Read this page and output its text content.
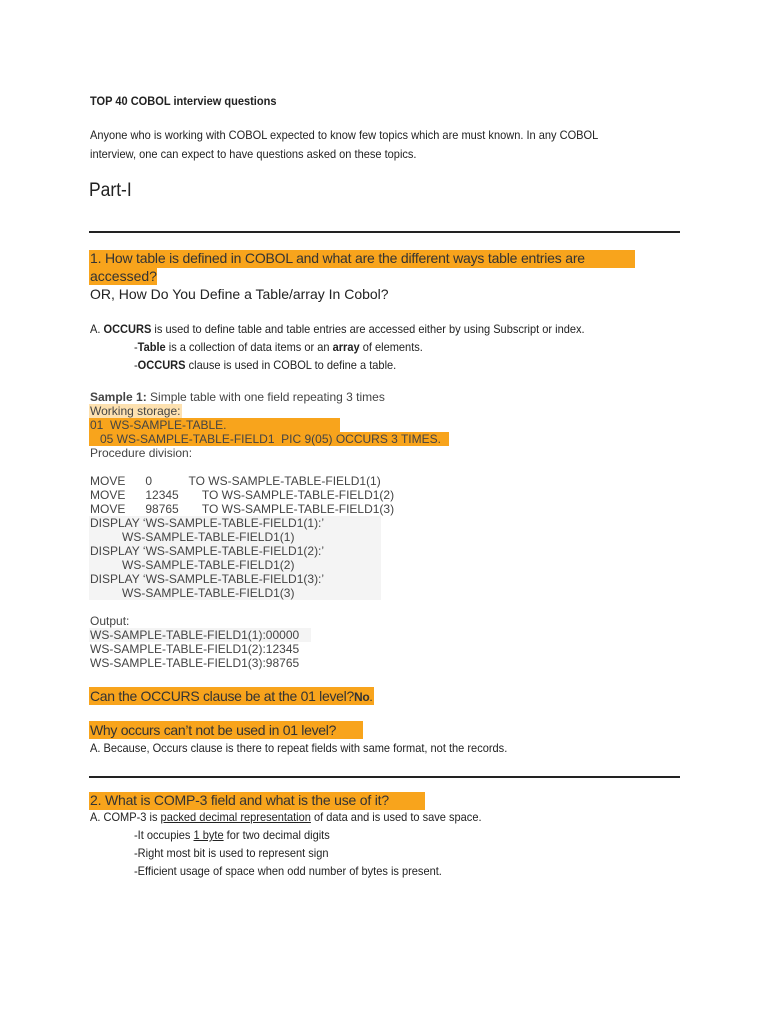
TOP 40 COBOL interview questions
Anyone who is working with COBOL expected to know few topics which are must known. In any COBOL
interview, one can expect to have questions asked on these topics.
Part-I
1. How table is defined in COBOL and what are the different ways table entries are
accessed?
OR, How Do You Define a Table/array In Cobol?
A. OCCURS is used to define table and table entries are accessed either by using Subscript or index.
-Table is a collection of data items or an array of elements.
-OCCURS clause is used in COBOL to define a table.
Sample 1: Simple table with one field repeating 3 times
Working storage:
01  WS-SAMPLE-TABLE.
05 WS-SAMPLE-TABLE-FIELD1  PIC 9(05) OCCURS 3 TIMES.
Procedure division:
MOVE      0           TO WS-SAMPLE-TABLE-FIELD1(1)
MOVE      12345       TO WS-SAMPLE-TABLE-FIELD1(2)
MOVE      98765       TO WS-SAMPLE-TABLE-FIELD1(3)
DISPLAY ‘WS-SAMPLE-TABLE-FIELD1(1):’
WS-SAMPLE-TABLE-FIELD1(1)
DISPLAY ‘WS-SAMPLE-TABLE-FIELD1(2):’
WS-SAMPLE-TABLE-FIELD1(2)
DISPLAY ‘WS-SAMPLE-TABLE-FIELD1(3):’
WS-SAMPLE-TABLE-FIELD1(3)
Output:
WS-SAMPLE-TABLE-FIELD1(1):00000
WS-SAMPLE-TABLE-FIELD1(2):12345
WS-SAMPLE-TABLE-FIELD1(3):98765
Can the OCCURS clause be at the 01 level?No.
Why occurs can’t not be used in 01 level?
A. Because, Occurs clause is there to repeat fields with same format, not the records.
2. What is COMP-3 field and what is the use of it?
A. COMP-3 is packed decimal representation of data and is used to save space.
-It occupies 1 byte for two decimal digits
-Right most bit is used to represent sign
-Efficient usage of space when odd number of bytes is present.
